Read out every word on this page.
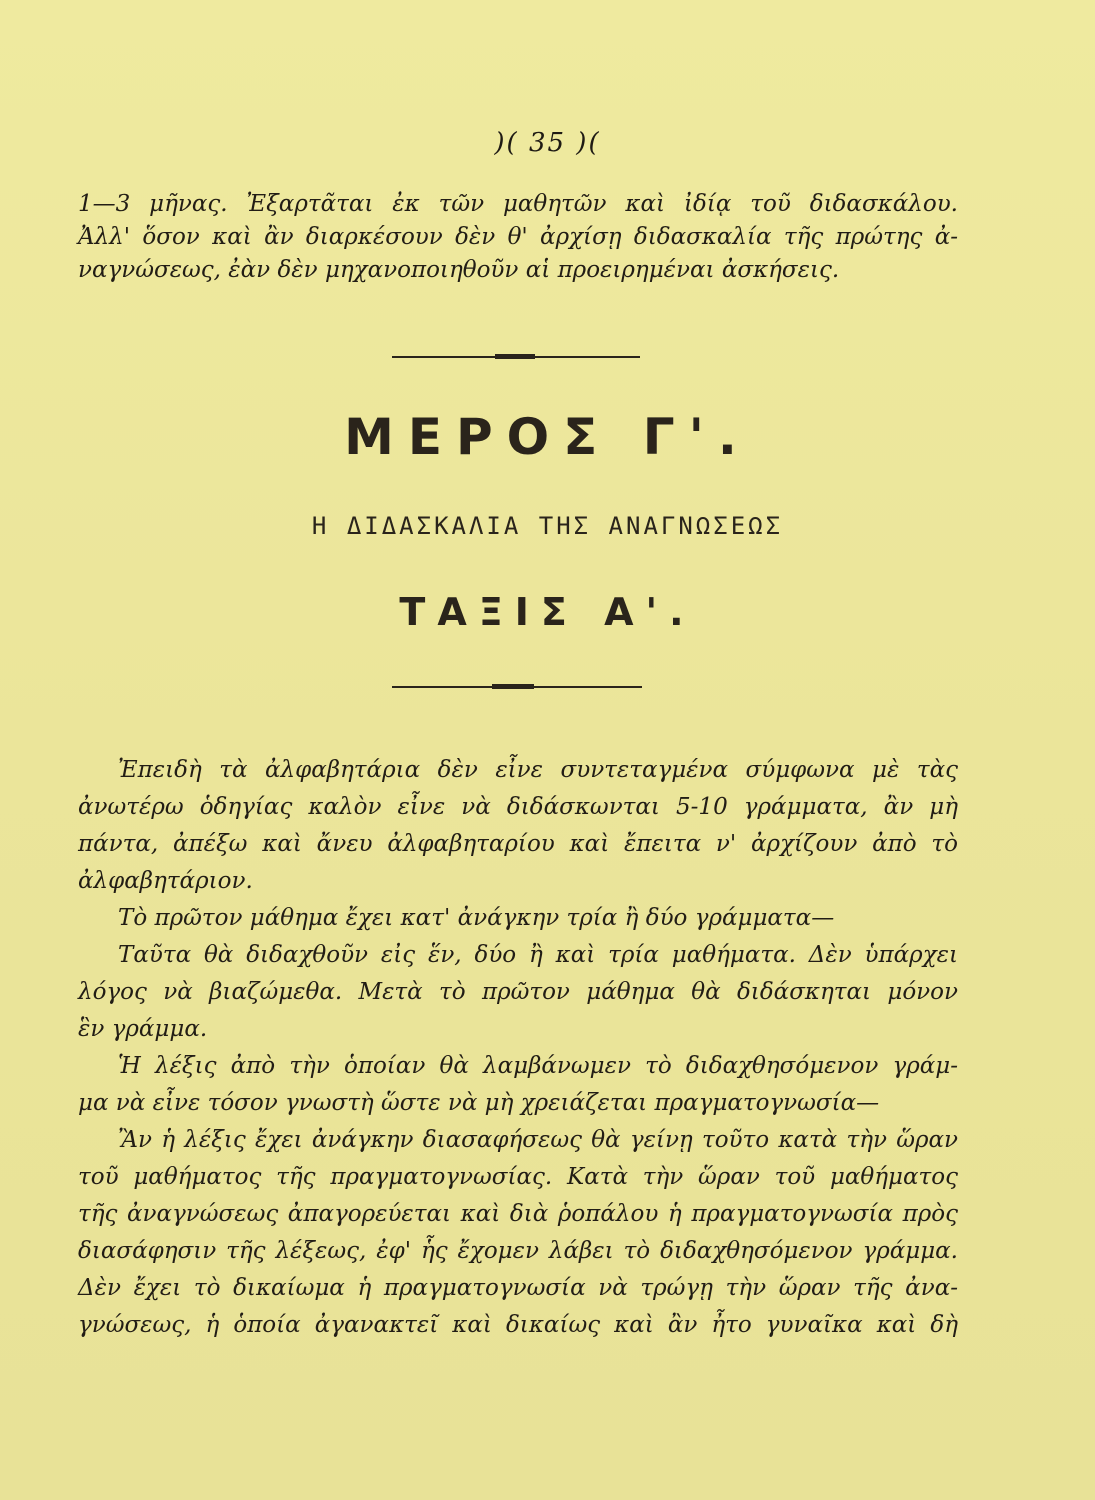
)( 35 )(

1—3 μῆνας. Ἐξαρτᾶται ἐκ τῶν μαθητῶν καὶ ἰδίᾳ τοῦ διδασκάλου.

Ἀλλ' ὅσον καὶ ἂν διαρκέσουν δὲν θ' ἀρχίσῃ διδασκαλία τῆς πρώτης ἀ-

ναγνώσεως, ἐὰν δὲν μηχανοποιηθοῦν αἱ προειρημέναι ἀσκήσεις.

ΜΕΡΟΣ Γ'.
Η ΔΙΔΑΣΚΑΛΙΑ ΤΗΣ ΑΝΑΓΝΩΣΕΩΣ
ΤΑΞΙΣ Α'.

Ἐπειδὴ τὰ ἀλφαβητάρια δὲν εἶνε συντεταγμένα σύμφωνα μὲ τὰς

ἀνωτέρω ὁδηγίας καλὸν εἶνε νὰ διδάσκωνται 5-10 γράμματα, ἂν μὴ

πάντα, ἀπέξω καὶ ἄνευ ἀλφαβηταρίου καὶ ἔπειτα ν' ἀρχίζουν ἀπὸ τὸ

ἀλφαβητάριον.

Τὸ πρῶτον μάθημα ἔχει κατ' ἀνάγκην τρία ἢ δύο γράμματα—

Ταῦτα θὰ διδαχθοῦν εἰς ἕν, δύο ἢ καὶ τρία μαθήματα. Δὲν ὑπάρχει

λόγος νὰ βιαζώμεθα. Μετὰ τὸ πρῶτον μάθημα θὰ διδάσκηται μόνον

ἓν γράμμα.

Ἡ λέξις ἀπὸ τὴν ὁποίαν θὰ λαμβάνωμεν τὸ διδαχθησόμενον γράμ-

μα νὰ εἶνε τόσον γνωστὴ ὥστε νὰ μὴ χρειάζεται πραγματογνωσία—

Ἂν ἡ λέξις ἔχει ἀνάγκην διασαφήσεως θὰ γείνῃ τοῦτο κατὰ τὴν ὥραν

τοῦ μαθήματος τῆς πραγματογνωσίας. Κατὰ τὴν ὥραν τοῦ μαθήματος

τῆς ἀναγνώσεως ἀπαγορεύεται καὶ διὰ ῥοπάλου ἡ πραγματογνωσία πρὸς

διασάφησιν τῆς λέξεως, ἐφ' ἧς ἔχομεν λάβει τὸ διδαχθησόμενον γράμμα.

Δὲν ἔχει τὸ δικαίωμα ἡ πραγματογνωσία νὰ τρώγῃ τὴν ὥραν τῆς ἀνα-

γνώσεως, ἡ ὁποία ἀγανακτεῖ καὶ δικαίως καὶ ἂν ἦτο γυναῖκα καὶ δὴ
